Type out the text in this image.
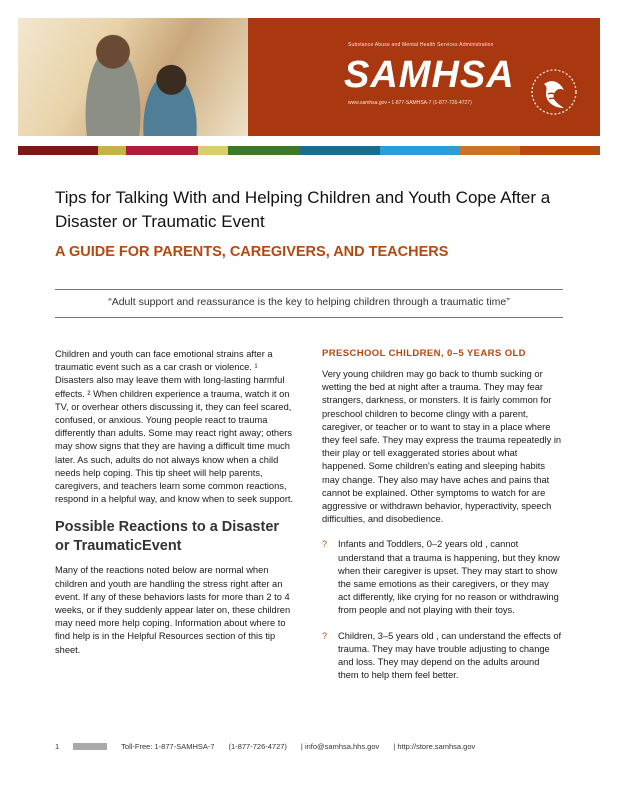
Substance Abuse and Mental Health Services Administration
SAMHSA
www.samhsa.gov • 1-877-SAMHSA-7 (1-877-726-4727)
Tips for Talking With and Helping Children and Youth Cope After a Disaster or Traumatic Event
A GUIDE FOR PARENTS, CAREGIVERS, AND TEACHERS
“Adult support and reassurance is the key to helping children through a traumatic time”

Children and youth can face emotional strains after a traumatic event such as a car crash or violence. ¹ Disasters also may leave them with long-lasting harmful effects. ² When children experience a trauma, watch it on TV, or overhear others discussing it, they can feel scared, confused, or anxious. Young people react to trauma differently than adults. Some may react right away; others may show signs that they are having a difficult time much later. As such, adults do not always know when a child needs help coping. This tip sheet will help parents, caregivers, and teachers learn some common reactions, respond in a helpful way, and know when to seek support.

Possible Reactions to a Disaster or TraumaticEvent

Many of the reactions noted below are normal when children and youth are handling the stress right after an event. If any of these behaviors lasts for more than 2 to 4 weeks, or if they suddenly appear later on, these children may need more help coping. Information about where to find help is in the Helpful Resources section of this tip sheet.

PRESCHOOL CHILDREN, 0–5 YEARS OLD

Very young children may go back to thumb sucking or wetting the bed at night after a trauma. They may fear strangers, darkness, or monsters. It is fairly common for preschool children to become clingy with a parent, caregiver, or teacher or to want to stay in a place where they feel safe. They may express the trauma repeatedly in their play or tell exaggerated stories about what happened. Some children's eating and sleeping habits may change. They also may have aches and pains that cannot be explained. Other symptoms to watch for are aggressive or withdrawn behavior, hyperactivity, speech difficulties, and disobedience.

? Infants and Toddlers, 0–2 years old , cannot understand that a trauma is happening, but they know when their caregiver is upset. They may start to show the same emotions as their caregivers, or they may act differently, like crying for no reason or withdrawing from people and not playing with their toys.
? Children, 3–5 years old , can understand the effects of trauma. They may have trouble adjusting to change and loss. They may depend on the adults around them to help them feel better.
1	Toll-Free: 1-877-SAMHSA-7 (1-877-726-4727) | info@samhsa.hhs.gov | http://store.samhsa.gov
